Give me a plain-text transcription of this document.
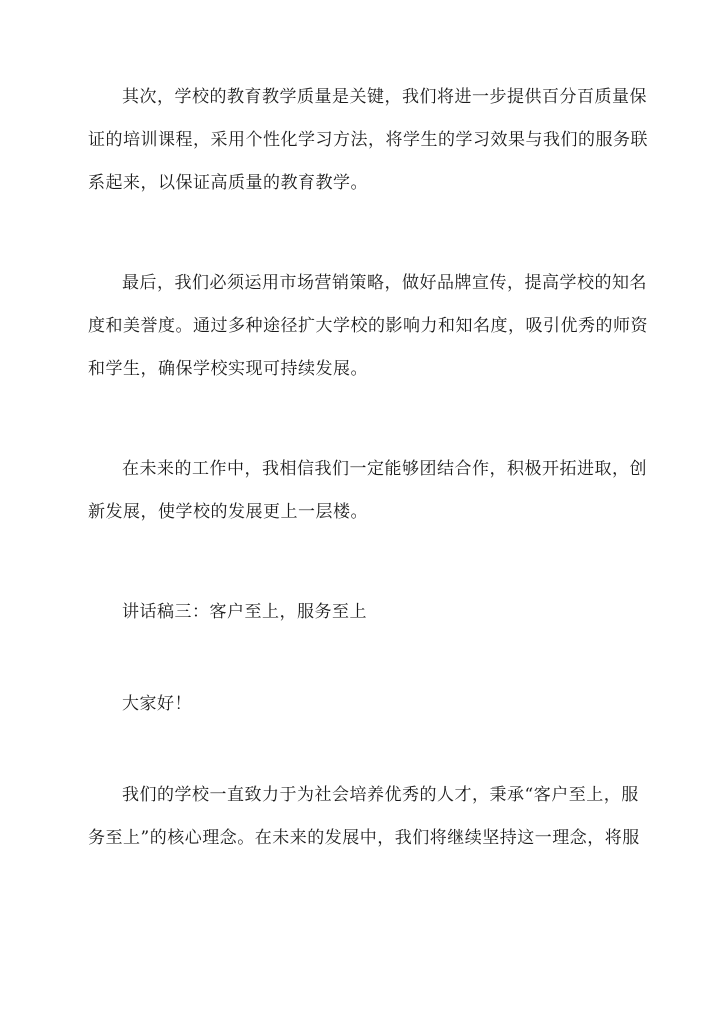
其次，学校的教育教学质量是关键，我们将进一步提供百分百质量保
证的培训课程，采用个性化学习方法，将学生的学习效果与我们的服务联
系起来，以保证高质量的教育教学。

最后，我们必须运用市场营销策略，做好品牌宣传，提高学校的知名
度和美誉度。通过多种途径扩大学校的影响力和知名度，吸引优秀的师资
和学生，确保学校实现可持续发展。

在未来的工作中，我相信我们一定能够团结合作，积极开拓进取，创
新发展，使学校的发展更上一层楼。

讲话稿三：客户至上，服务至上

大家好！

我们的学校一直致力于为社会培养优秀的人才，秉承“客户至上，服
务至上”的核心理念。在未来的发展中，我们将继续坚持这一理念，将服
